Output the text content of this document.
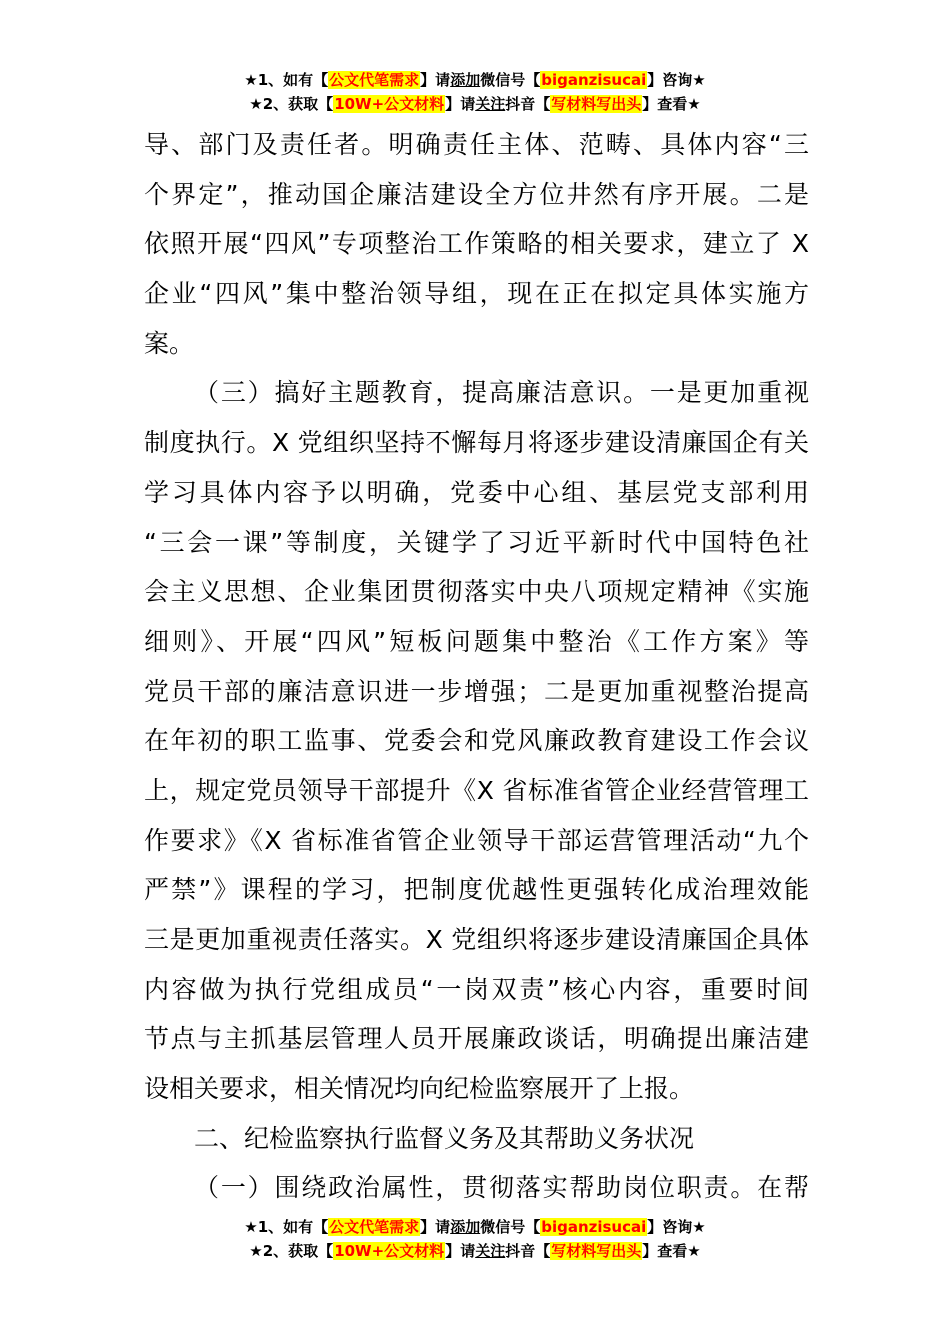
★1、如有【公文代笔需求】请添加微信号【biganzisucai】咨询★
★2、获取【10W+公文材料】请关注抖音【写材料写出头】查看★
导、部门及责任者。明确责任主体、范畴、具体内容“三
个界定”，推动国企廉洁建设全方位井然有序开展。二是
依照开展“四风”专项整治工作策略的相关要求，建立了 X
企业“四风”集中整治领导组，现在正在拟定具体实施方
案。
（三）搞好主题教育，提高廉洁意识。一是更加重视
制度执行。X 党组织坚持不懈每月将逐步建设清廉国企有关
学习具体内容予以明确，党委中心组、基层党支部利用
“三会一课”等制度，关键学了习近平新时代中国特色社
会主义思想、企业集团贯彻落实中央八项规定精神《实施
细则》、开展“四风”短板问题集中整治《工作方案》等
党员干部的廉洁意识进一步增强；二是更加重视整治提高
在年初的职工监事、党委会和党风廉政教育建设工作会议
上，规定党员领导干部提升《X 省标准省管企业经营管理工
作要求》《X 省标准省管企业领导干部运营管理活动“九个
严禁”》课程的学习，把制度优越性更强转化成治理效能
三是更加重视责任落实。X 党组织将逐步建设清廉国企具体
内容做为执行党组成员“一岗双责”核心内容，重要时间
节点与主抓基层管理人员开展廉政谈话，明确提出廉洁建
设相关要求，相关情况均向纪检监察展开了上报。
二、纪检监察执行监督义务及其帮助义务状况
（一）围绕政治属性，贯彻落实帮助岗位职责。在帮
★1、如有【公文代笔需求】请添加微信号【biganzisucai】咨询★
★2、获取【10W+公文材料】请关注抖音【写材料写出头】查看★
